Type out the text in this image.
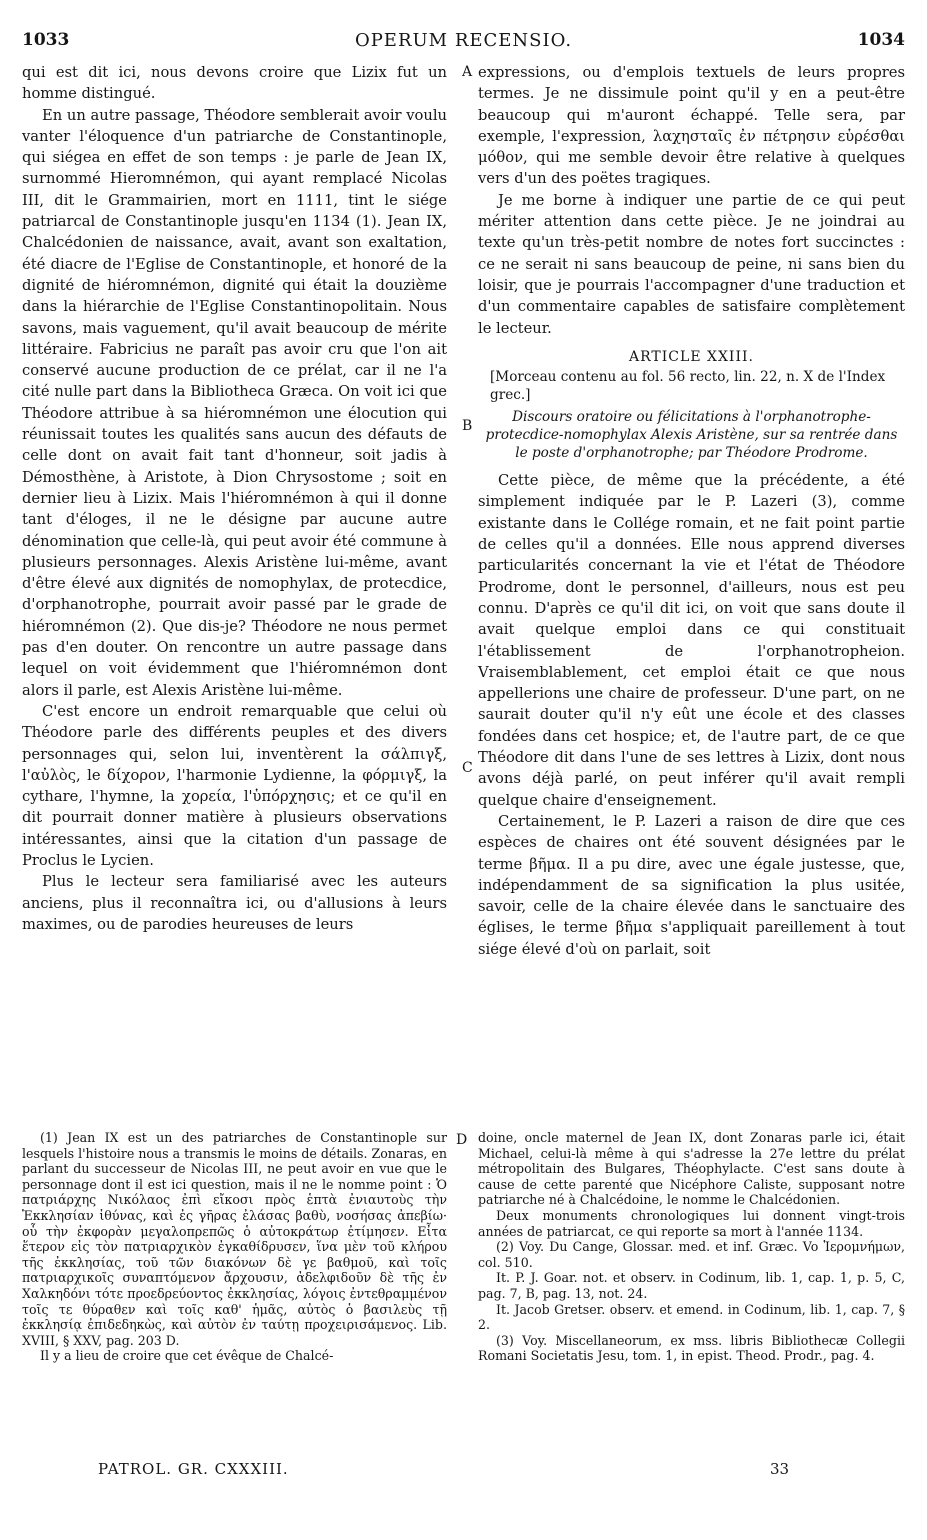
1033	OPERUM RECENSIO.	1034
A
B
C
D

qui est dit ici, nous devons croire que Lizix fut un homme distingué.

En un autre passage, Théodore semblerait avoir voulu vanter l'éloquence d'un patriarche de Constantinople, qui siégea en effet de son temps : je parle de Jean IX, surnommé Hieromnémon, qui ayant remplacé Nicolas III, dit le Grammairien, mort en 1111, tint le siége patriarcal de Constantinople jusqu'en 1134 (1). Jean IX, Chalcédonien de naissance, avait, avant son exaltation, été diacre de l'Eglise de Constantinople, et honoré de la dignité de hiéromnémon, dignité qui était la douzième dans la hiérarchie de l'Eglise Constantinopolitain. Nous savons, mais vaguement, qu'il avait beaucoup de mérite littéraire. Fabricius ne paraît pas avoir cru que l'on ait conservé aucune production de ce prélat, car il ne l'a cité nulle part dans la Bibliotheca Græca. On voit ici que Théodore attribue à sa hiéromnémon une élocution qui réunissait toutes les qualités sans aucun des défauts de celle dont on avait fait tant d'honneur, soit jadis à Démosthène, à Aristote, à Dion Chrysostome ; soit en dernier lieu à Lizix. Mais l'hiéromnémon à qui il donne tant d'éloges, il ne le désigne par aucune autre dénomination que celle-là, qui peut avoir été commune à plusieurs personnages. Alexis Aristène lui-même, avant d'être élevé aux dignités de nomophylax, de protecdice, d'orphanotrophe, pourrait avoir passé par le grade de hiéromnémon (2). Que dis-je? Théodore ne nous permet pas d'en douter. On rencontre un autre passage dans lequel on voit évidemment que l'hiéromnémon dont alors il parle, est Alexis Aristène lui-même.

C'est encore un endroit remarquable que celui où Théodore parle des différents peuples et des divers personnages qui, selon lui, inventèrent la σάλπιγξ, l'αὐλὸς, le δίχορον, l'harmonie Lydienne, la φόρμιγξ, la cythare, l'hymne, la χορεία, l'ὑπόρχησις; et ce qu'il en dit pourrait donner matière à plusieurs observations intéressantes, ainsi que la citation d'un passage de Proclus le Lycien.

Plus le lecteur sera familiarisé avec les auteurs anciens, plus il reconnaîtra ici, ou d'allusions à leurs maximes, ou de parodies heureuses de leurs

expressions, ou d'emplois textuels de leurs propres termes. Je ne dissimule point qu'il y en a peut-être beaucoup qui m'auront échappé. Telle sera, par exemple, l'expression, λαχησταῖς ἐν πέτρησιν εὑρέσθαι μόθον, qui me semble devoir être relative à quelques vers d'un des poëtes tragiques.

Je me borne à indiquer une partie de ce qui peut mériter attention dans cette pièce. Je ne joindrai au texte qu'un très-petit nombre de notes fort succinctes : ce ne serait ni sans beaucoup de peine, ni sans bien du loisir, que je pourrais l'accompagner d'une traduction et d'un commentaire capables de satisfaire complètement le lecteur.

ARTICLE XXIII.

[Morceau contenu au fol. 56 recto, lin. 22, n. X de l'Index grec.]

Discours oratoire ou félicitations à l'orphanotrophe-protecdice-nomophylax Alexis Aristène, sur sa rentrée dans le poste d'orphanotrophe; par Théodore Prodrome.

Cette pièce, de même que la précédente, a été simplement indiquée par le P. Lazeri (3), comme existante dans le Collége romain, et ne fait point partie de celles qu'il a données. Elle nous apprend diverses particularités concernant la vie et l'état de Théodore Prodrome, dont le personnel, d'ailleurs, nous est peu connu. D'après ce qu'il dit ici, on voit que sans doute il avait quelque emploi dans ce qui constituait l'établissement de l'orphanotropheion. Vraisemblablement, cet emploi était ce que nous appellerions une chaire de professeur. D'une part, on ne saurait douter qu'il n'y eût une école et des classes fondées dans cet hospice; et, de l'autre part, de ce que Théodore dit dans l'une de ses lettres à Lizix, dont nous avons déjà parlé, on peut inférer qu'il avait rempli quelque chaire d'enseignement.

Certainement, le P. Lazeri a raison de dire que ces espèces de chaires ont été souvent désignées par le terme βῆμα. Il a pu dire, avec une égale justesse, que, indépendamment de sa signification la plus usitée, savoir, celle de la chaire élevée dans le sanctuaire des églises, le terme βῆμα s'appliquait pareillement à tout siége élevé d'où on parlait, soit

(1) Jean IX est un des patriarches de Constantinople sur lesquels l'histoire nous a transmis le moins de détails. Zonaras, en parlant du successeur de Nicolas III, ne peut avoir en vue que le personnage dont il est ici question, mais il ne le nomme point : Ὁ πατριάρχης Νικόλαος ἐπὶ εἴκοσι πρὸς ἑπτὰ ἐνιαυτοὺς τὴν Ἐκκλησίαν ἰθύνας, καὶ ἐς γῆρας ἐλάσας βαθὺ, νοσήσας ἀπεβίω· οὗ τὴν ἐκφορὰν μεγαλοπρεπῶς ὁ αὐτοκράτωρ ἐτίμησεν. Εἶτα ἕτερον εἰς τὸν πατριαρχικὸν ἐγκαθίδρυσεν, ἵνα μὲν τοῦ κλήρου τῆς ἐκκλησίας, τοῦ τῶν διακόνων δὲ γε βαθμοῦ, καὶ τοῖς πατριαρχικοῖς συναπτόμενον ἄρχουσιν, ἀδελφιδοῦν δὲ τῆς ἐν Χαλκηδόνι τότε προεδρεύοντος ἐκκλησίας, λόγοις ἐντεθραμμένον τοῖς τε θύραθεν καὶ τοῖς καθ' ἡμᾶς, αὐτὸς ὁ βασιλεὺς τῇ ἐκκλησίᾳ ἐπιδεδηκὼς, καὶ αὐτὸν ἐν ταύτῃ προχειρισάμενος. Lib. XVIII, § XXV, pag. 203 D.

Il y a lieu de croire que cet évêque de Chalcé-

doine, oncle maternel de Jean IX, dont Zonaras parle ici, était Michael, celui-là même à qui s'adresse la 27e lettre du prélat métropolitain des Bulgares, Théophylacte. C'est sans doute à cause de cette parenté que Nicéphore Caliste, supposant notre patriarche né à Chalcédoine, le nomme le Chalcédonien.

Deux monuments chronologiques lui donnent vingt-trois années de patriarcat, ce qui reporte sa mort à l'année 1134.

(2) Voy. Du Cange, Glossar. med. et inf. Græc. Vo Ἱερομνήμων, col. 510.

It. P. J. Goar. not. et observ. in Codinum, lib. 1, cap. 1, p. 5, C, pag. 7, B, pag. 13, not. 24.

It. Jacob Gretser. observ. et emend. in Codinum, lib. 1, cap. 7, § 2.

(3) Voy. Miscellaneorum, ex mss. libris Bibliothecæ Collegii Romani Societatis Jesu, tom. 1, in epist. Theod. Prodr., pag. 4.

PATROL. GR. CXXXIII.	33
